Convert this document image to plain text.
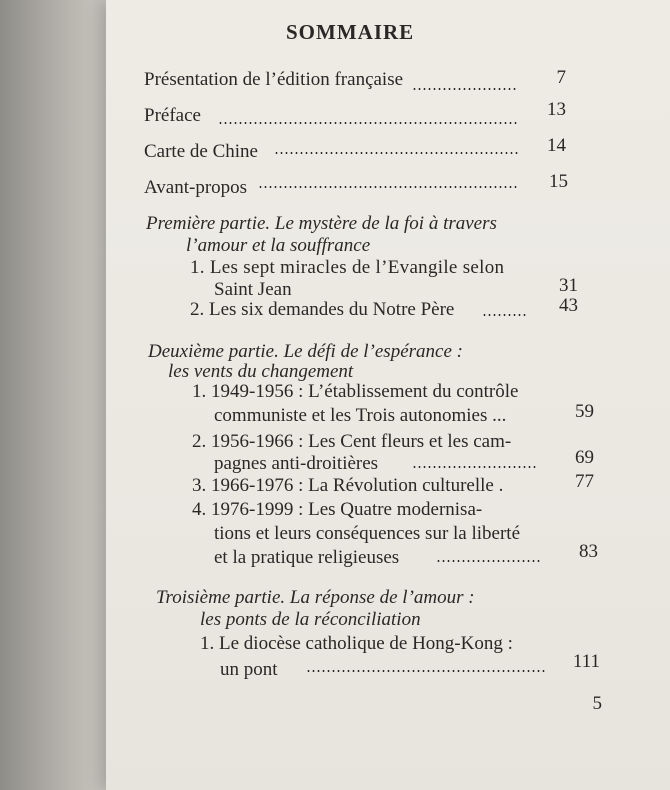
SOMMAIRE
Présentation de l’édition française	7
Préface	13
Carte de Chine	14
Avant-propos	15
Première partie. Le mystère de la foi à travers
l’amour et la souffrance
1. Les sept miracles de l’Evangile selon
Saint Jean	31
2. Les six demandes du Notre Père	43
Deuxième partie. Le défi de l’espérance :
les vents du changement
1. 1949-1956 : L’établissement du contrôle
communiste et les Trois autonomies ...	59
2. 1956-1966 : Les Cent fleurs et les cam-
pagnes anti-droitières	69
3. 1966-1976 : La Révolution culturelle .	77
4. 1976-1999 : Les Quatre modernisa-
tions et leurs conséquences sur la liberté
et la pratique religieuses	83
Troisième partie. La réponse de l’amour :
les ponts de la réconciliation
1. Le diocèse catholique de Hong-Kong :
un pont	111
5
